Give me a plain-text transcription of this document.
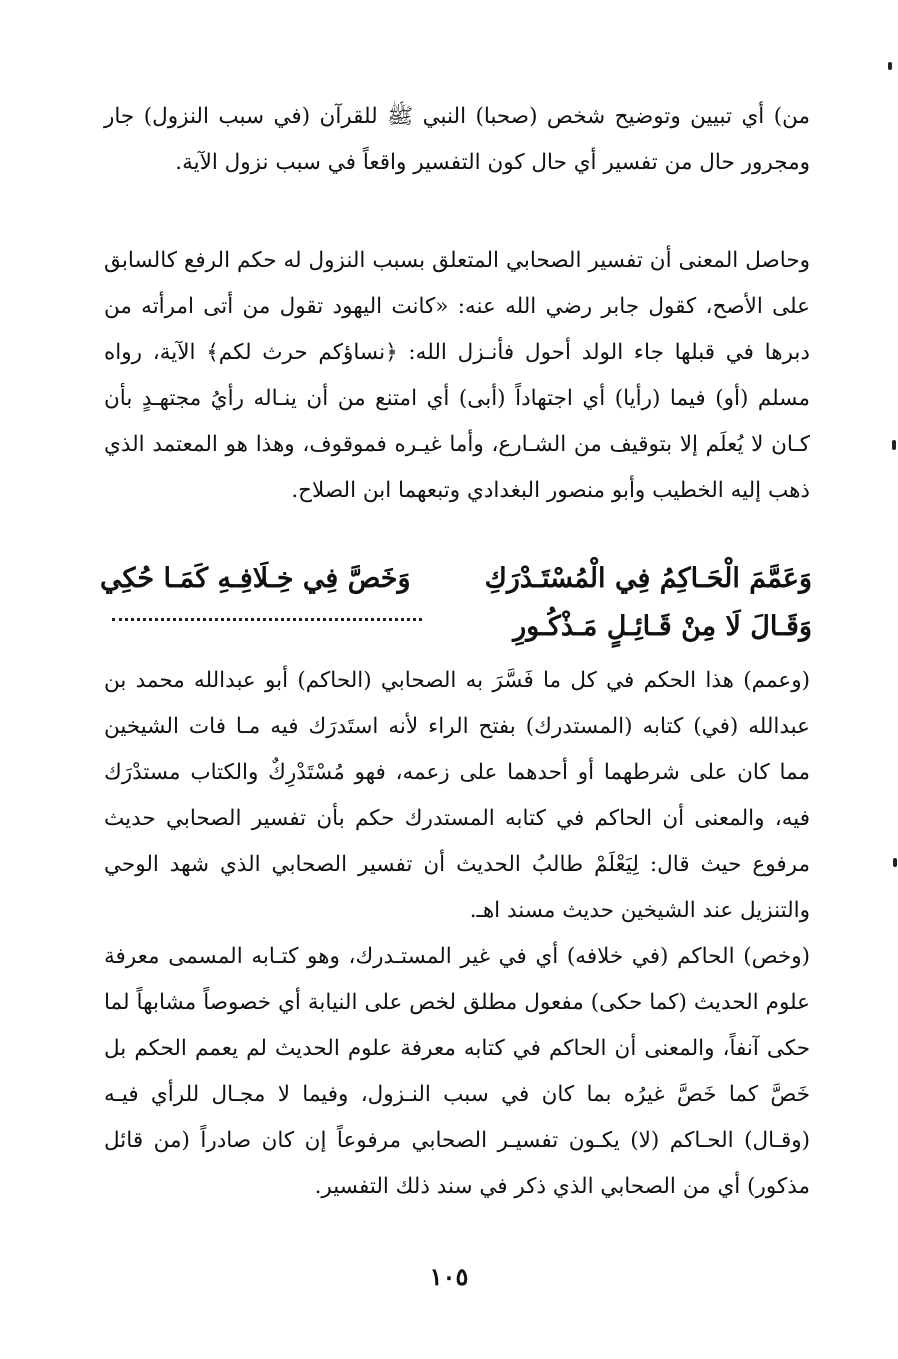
من) أي تبيين وتوضيح شخص (صحبا) النبي ﷺ للقرآن (في سبب النزول) جار ومجرور حال من تفسير أي حال كون التفسير واقعاً في سبب نزول الآية.

وحاصل المعنى أن تفسير الصحابي المتعلق بسبب النزول له حكم الرفع كالسابق على الأصح، كقول جابر رضي الله عنه: «كانت اليهود تقول من أتى امرأته من دبرها في قبلها جاء الولد أحول فأنـزل الله: ﴿نساؤكم حرث لكم﴾ الآية، رواه مسلم (أو) فيما (رأيا) أي اجتهاداً (أبى) أي امتنع من أن ينـاله رأيُ مجتهـدٍ بأن كـان لا يُعلَم إلا بتوقيف من الشـارع، وأما غيـره فموقوف، وهذا هو المعتمد الذي ذهب إليه الخطيب وأبو منصور البغدادي وتبعهما ابن الصلاح.

وَعَمَّمَ الْحَـاكِمُ فِي الْمُسْتَـدْرَكِ
وَخَصَّ فِي خِـلَافِـهِ كَمَـا حُكِي
وَقَـالَ لَا مِنْ قَـائِـلٍ مَـذْكُـورِ

(وعمم) هذا الحكم في كل ما فَسَّرَ به الصحابي (الحاكم) أبو عبدالله محمد بن عبدالله (في) كتابه (المستدرك) بفتح الراء لأنه استَدرَك فيه مـا فات الشيخين مما كان على شرطهما أو أحدهما على زعمه، فهو مُسْتَدْرِكٌ والكتاب مستدْرَك فيه، والمعنى أن الحاكم في كتابه المستدرك حكم بأن تفسير الصحابي حديث مرفوع حيث قال: لِيَعْلَمْ طالبُ الحديث أن تفسير الصحابي الذي شهد الوحي والتنزيل عند الشيخين حديث مسند اهـ.

(وخص) الحاكم (في خلافه) أي في غير المستـدرك، وهو كتـابه المسمى معرفة علوم الحديث (كما حكى) مفعول مطلق لخص على النيابة أي خصوصاً مشابهاً لما حكى آنفاً، والمعنى أن الحاكم في كتابه معرفة علوم الحديث لم يعمم الحكم بل خَصَّ كما خَصَّ غيرُه بما كان في سبب النـزول، وفيما لا مجـال للرأي فيـه (وقـال) الحـاكم (لا) يكـون تفسيـر الصحابي مرفوعاً إن كان صادراً (من قائل مذكور) أي من الصحابي الذي ذكر في سند ذلك التفسير.

١٠٥
